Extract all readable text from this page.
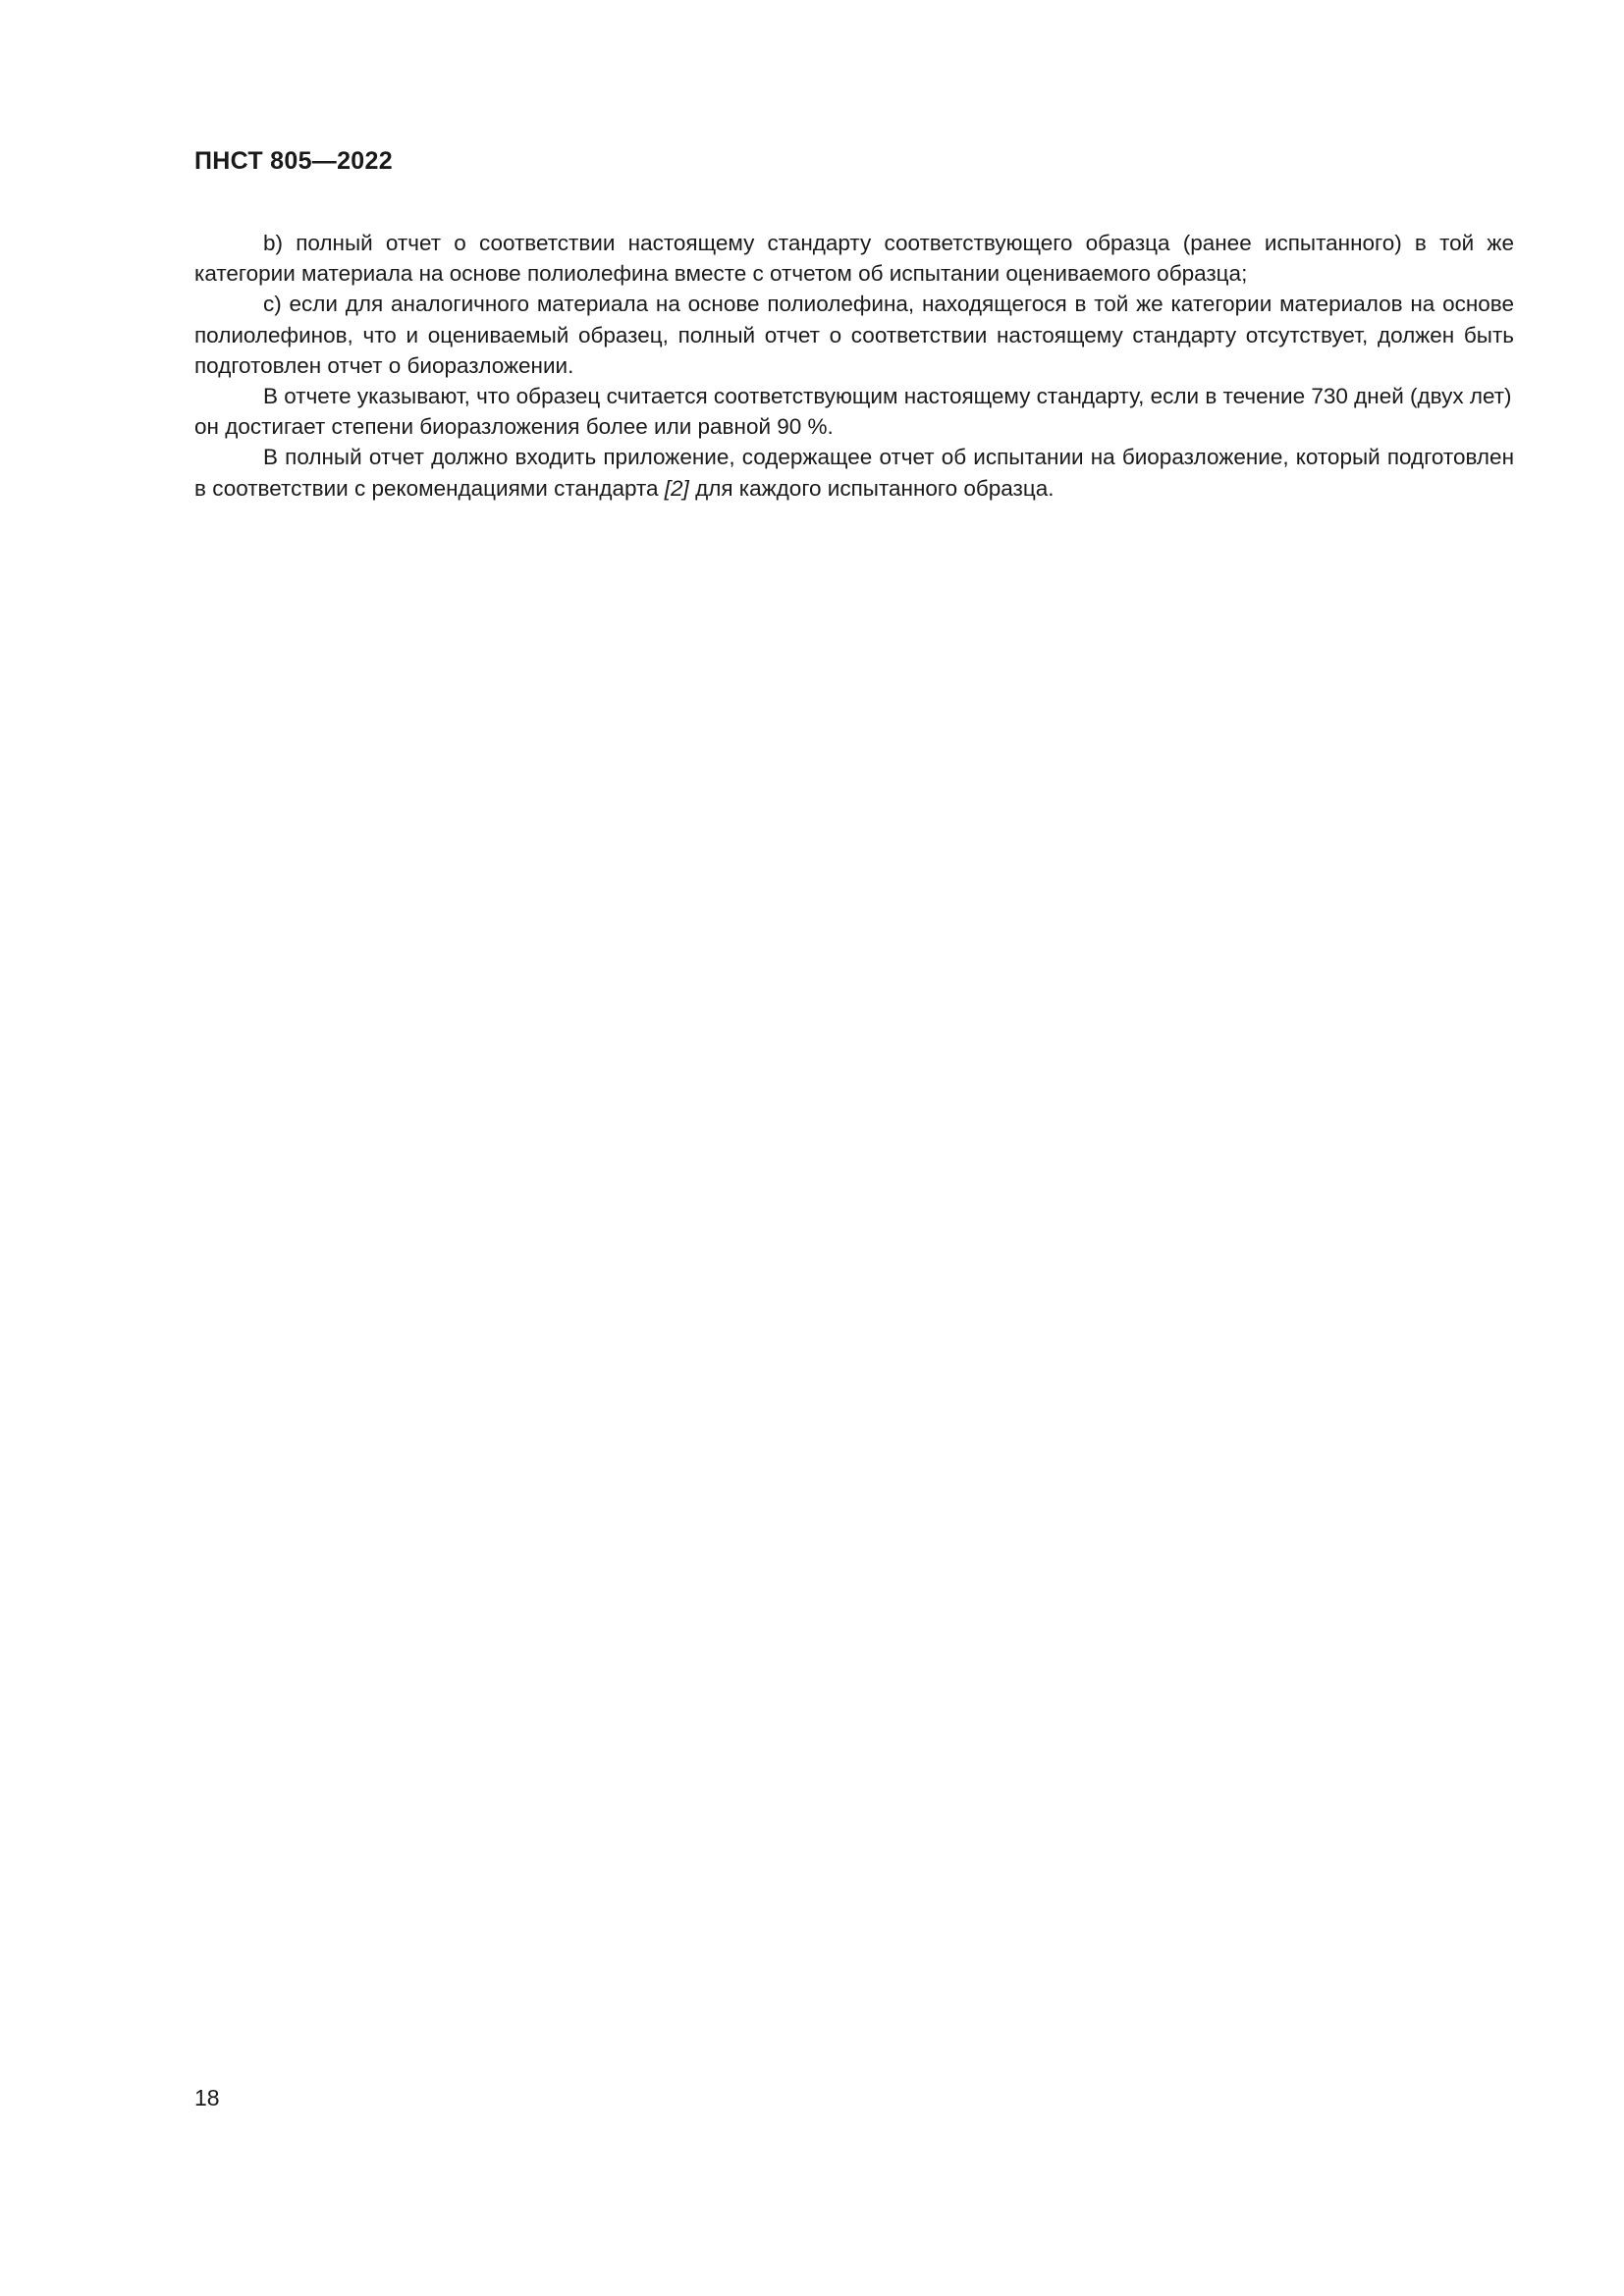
ПНСТ 805—2022

b) полный отчет о соответствии настоящему стандарту соответствующего образца (ранее испытанного) в той же категории материала на основе полиолефина вместе с отчетом об испытании оцениваемого образца;

c) если для аналогичного материала на основе полиолефина, находящегося в той же категории материалов на основе полиолефинов, что и оцениваемый образец, полный отчет о соответствии настоящему стандарту отсутствует, должен быть подготовлен отчет о биоразложении.

В отчете указывают, что образец считается соответствующим настоящему стандарту, если в течение 730 дней (двух лет) он достигает степени биоразложения более или равной 90 %.

В полный отчет должно входить приложение, содержащее отчет об испытании на биоразложение, который подготовлен в соответствии с рекомендациями стандарта [2] для каждого испытанного образца.

18
